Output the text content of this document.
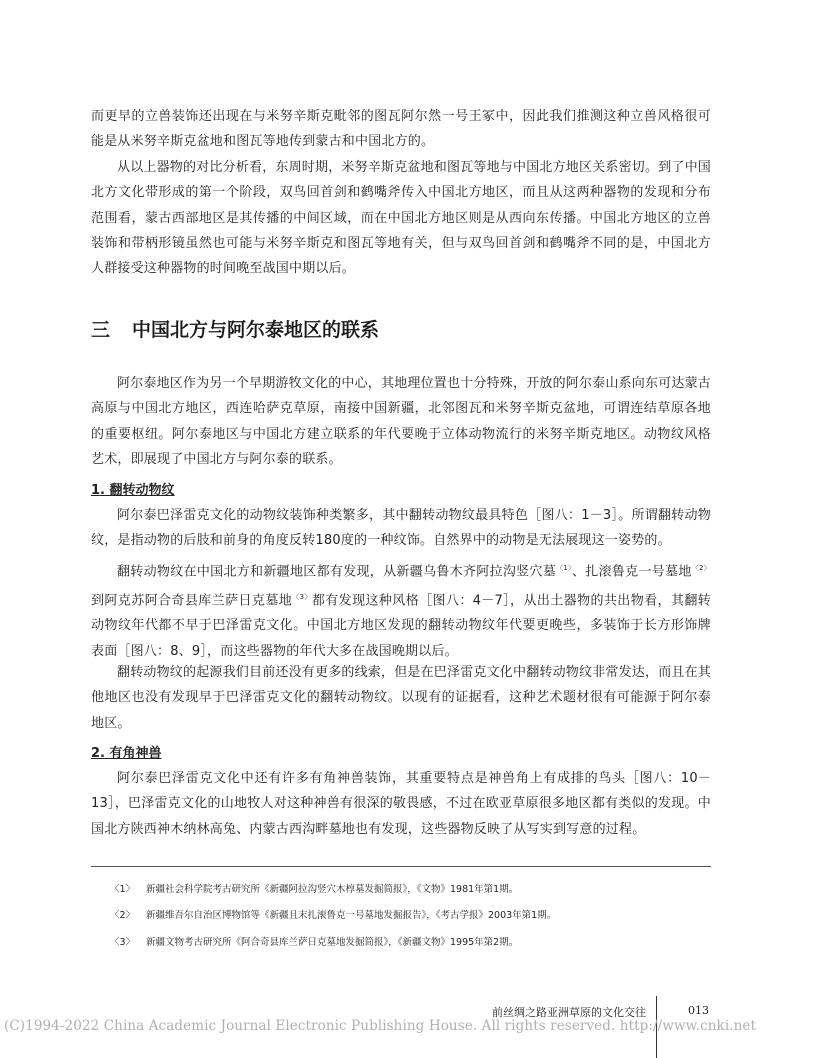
而更早的立兽装饰还出现在与米努辛斯克毗邻的图瓦阿尔然一号王冢中，因此我们推测这种立兽风格很可能是从米努辛斯克盆地和图瓦等地传到蒙古和中国北方的。

从以上器物的对比分析看，东周时期，米努辛斯克盆地和图瓦等地与中国北方地区关系密切。到了中国北方文化带形成的第一个阶段，双鸟回首剑和鹤嘴斧传入中国北方地区，而且从这两种器物的发现和分布范围看，蒙古西部地区是其传播的中间区域，而在中国北方地区则是从西向东传播。中国北方地区的立兽装饰和带柄形镜虽然也可能与米努辛斯克和图瓦等地有关，但与双鸟回首剑和鹤嘴斧不同的是，中国北方人群接受这种器物的时间晚至战国中期以后。

三 中国北方与阿尔泰地区的联系

阿尔泰地区作为另一个早期游牧文化的中心，其地理位置也十分特殊，开放的阿尔泰山系向东可达蒙古高原与中国北方地区，西连哈萨克草原，南接中国新疆，北邻图瓦和米努辛斯克盆地，可谓连结草原各地的重要枢纽。阿尔泰地区与中国北方建立联系的年代要晚于立体动物流行的米努辛斯克地区。动物纹风格艺术，即展现了中国北方与阿尔泰的联系。

1. 翻转动物纹

阿尔泰巴泽雷克文化的动物纹装饰种类繁多，其中翻转动物纹最具特色［图八：1－3］。所谓翻转动物纹，是指动物的后肢和前身的角度反转180度的一种纹饰。自然界中的动物是无法展现这一姿势的。

翻转动物纹在中国北方和新疆地区都有发现，从新疆乌鲁木齐阿拉沟竖穴墓$^{〈1〉}$、扎滚鲁克一号墓地$^{〈2〉}$到阿克苏阿合奇县库兰萨日克墓地$^{〈3〉}$都有发现这种风格［图八：4－7］，从出土器物的共出物看，其翻转动物纹年代都不早于巴泽雷克文化。中国北方地区发现的翻转动物纹年代要更晚些，多装饰于长方形饰牌表面［图八：8、9］，而这些器物的年代大多在战国晚期以后。

翻转动物纹的起源我们目前还没有更多的线索，但是在巴泽雷克文化中翻转动物纹非常发达，而且在其他地区也没有发现早于巴泽雷克文化的翻转动物纹。以现有的证据看，这种艺术题材很有可能源于阿尔泰地区。

2. 有角神兽

阿尔泰巴泽雷克文化中还有许多有角神兽装饰，其重要特点是神兽角上有成排的鸟头［图八：10－13］，巴泽雷克文化的山地牧人对这种神兽有很深的敬畏感，不过在欧亚草原很多地区都有类似的发现。中国北方陕西神木纳林高兔、内蒙古西沟畔墓地也有发现，这些器物反映了从写实到写意的过程。

〈1〉 新疆社会科学院考古研究所《新疆阿拉沟竖穴木椁墓发掘简报》，《文物》1981年第1期。
〈2〉 新疆维吾尔自治区博物馆等《新疆且末扎滚鲁克一号墓地发掘报告》，《考古学报》2003年第1期。
〈3〉 新疆文物考古研究所《阿合奇县库兰萨日克墓地发掘简报》，《新疆文物》1995年第2期。
前丝绸之路亚洲草原的文化交往	013
(C)1994-2022 China Academic Journal Electronic Publishing House. All rights reserved. http://www.cnki.net
